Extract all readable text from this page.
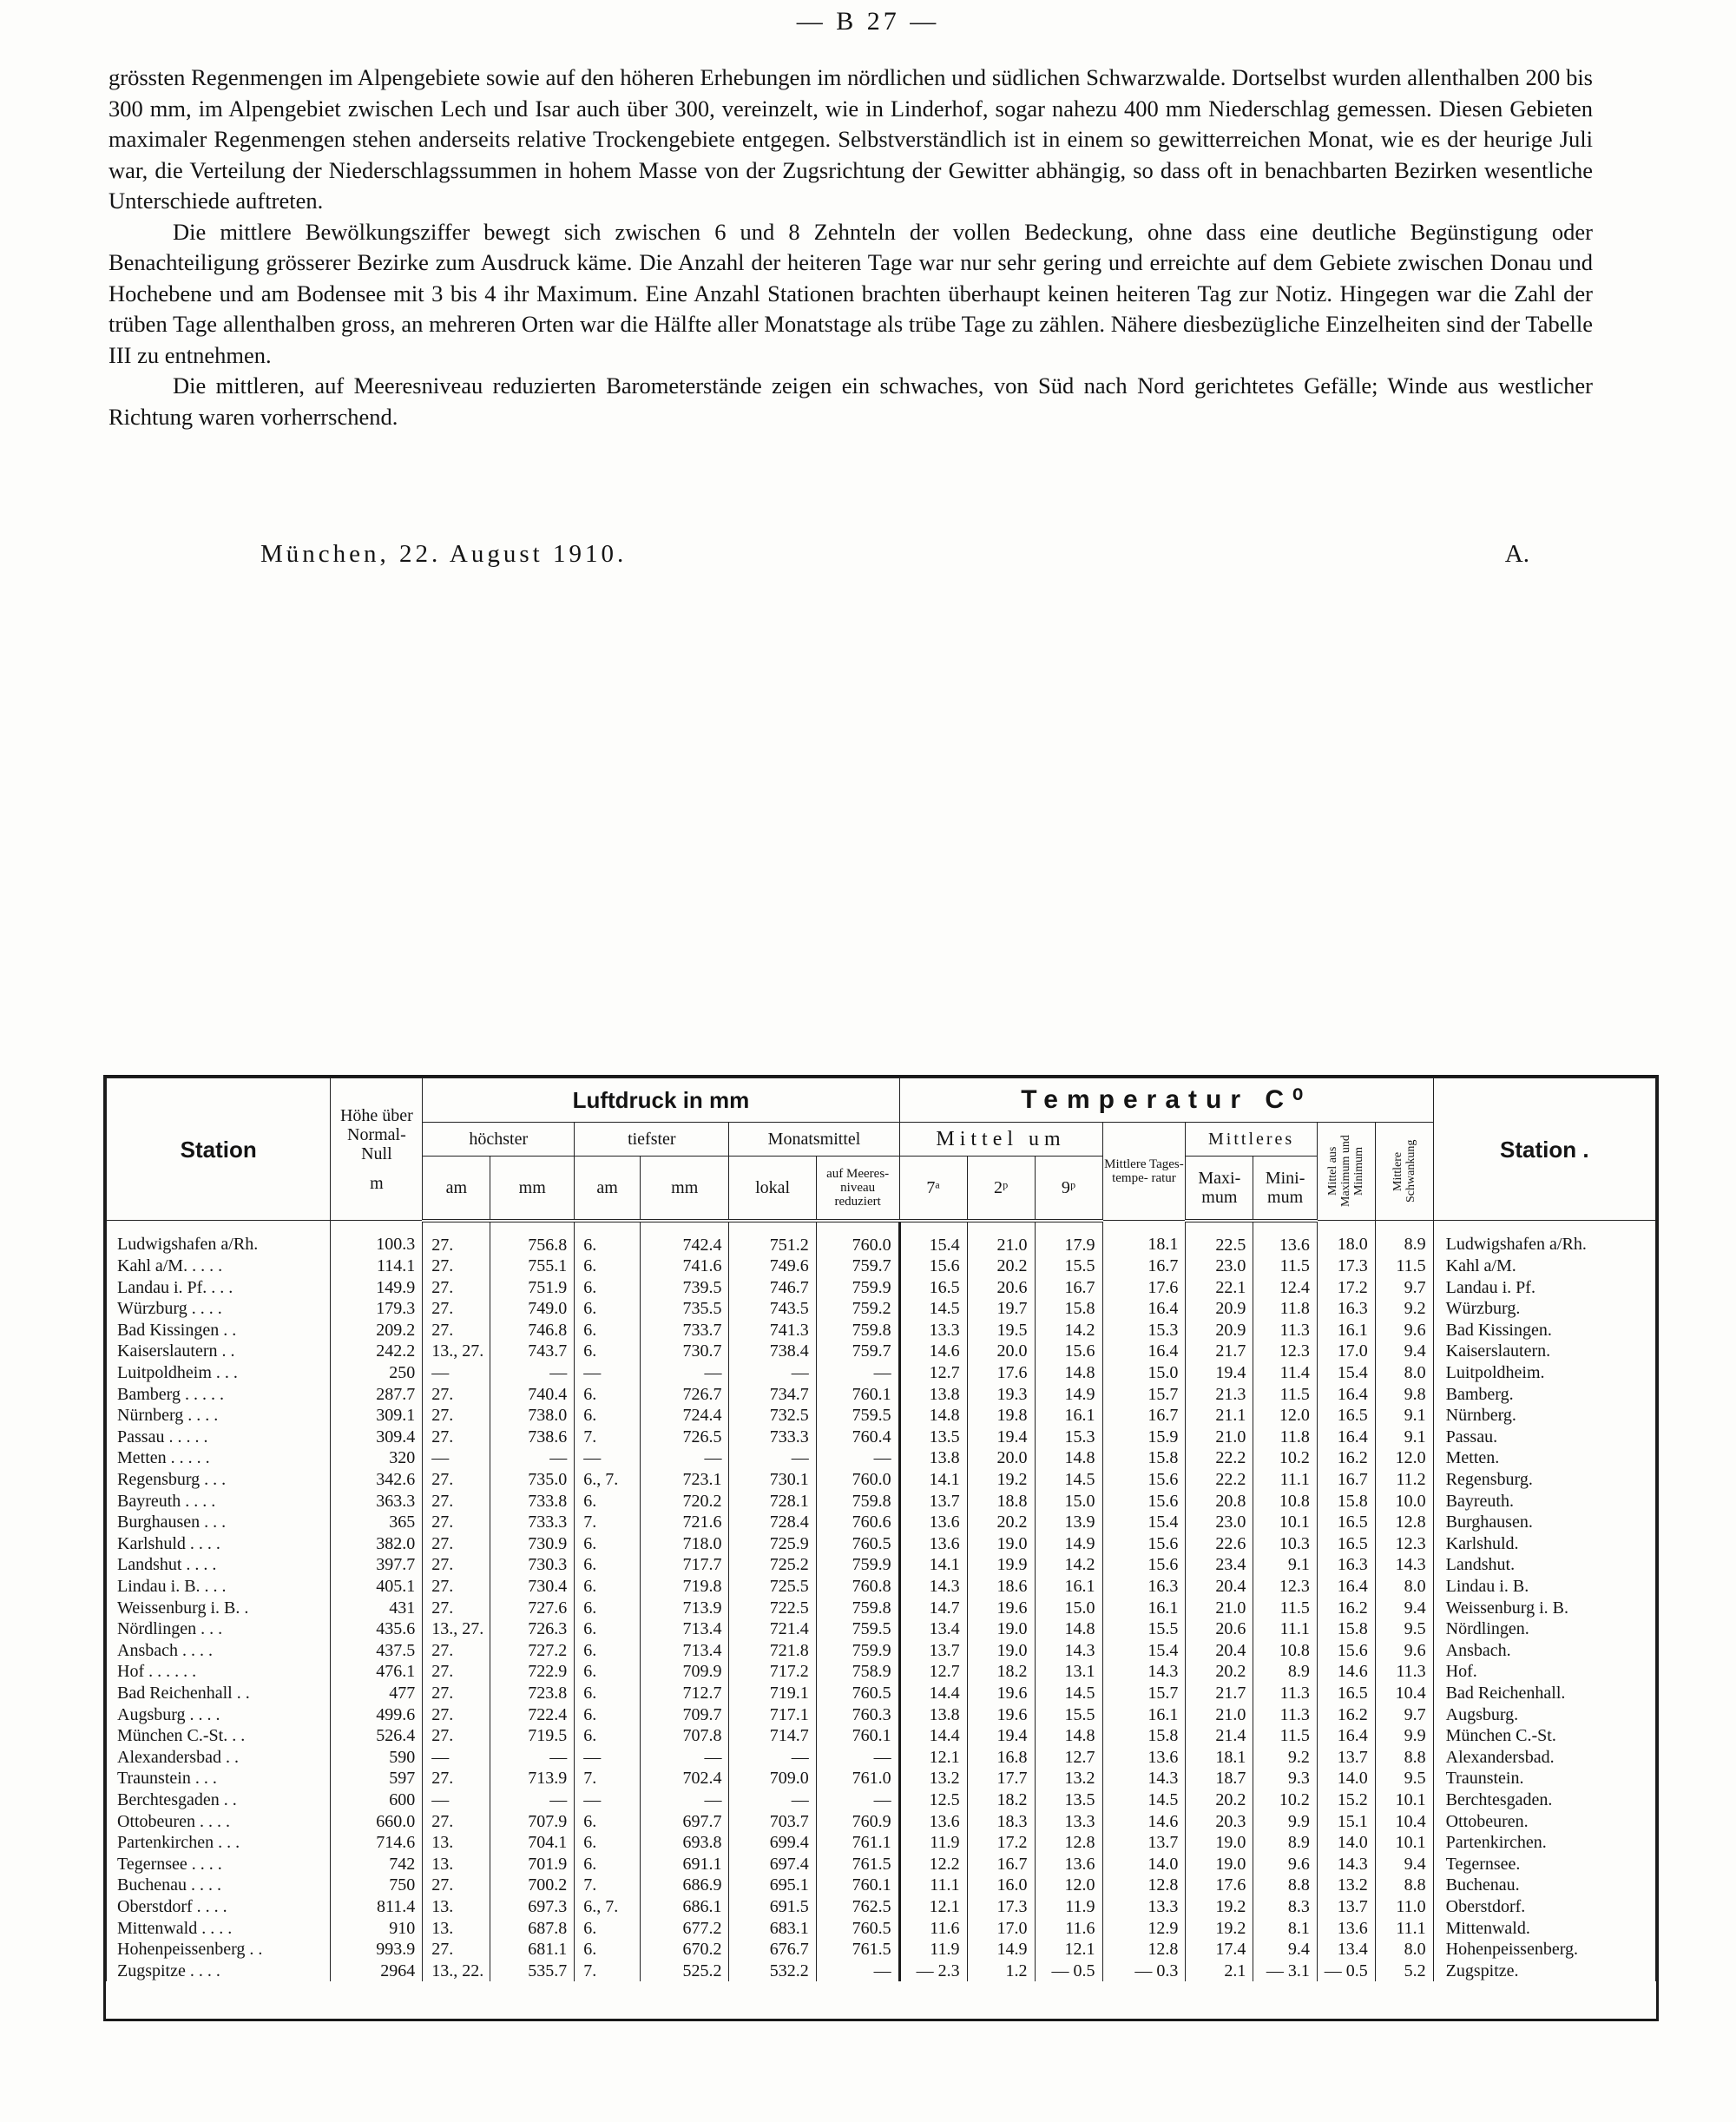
— B 27 —

grössten Regenmengen im Alpengebiete sowie auf den höheren Erhebungen im nördlichen und südlichen Schwarzwalde. Dortselbst wurden allenthalben 200 bis 300 mm, im Alpengebiet zwischen Lech und Isar auch über 300, vereinzelt, wie in Linderhof, sogar nahezu 400 mm Niederschlag gemessen. Diesen Gebieten maximaler Regenmengen stehen anderseits relative Trockengebiete entgegen. Selbstverständlich ist in einem so gewitterreichen Monat, wie es der heurige Juli war, die Verteilung der Niederschlagssummen in hohem Masse von der Zugsrichtung der Gewitter abhängig, so dass oft in benachbarten Bezirken wesentliche Unterschiede auftreten.

Die mittlere Bewölkungsziffer bewegt sich zwischen 6 und 8 Zehnteln der vollen Bedeckung, ohne dass eine deutliche Begünstigung oder Benachteiligung grösserer Bezirke zum Ausdruck käme. Die Anzahl der heiteren Tage war nur sehr gering und erreichte auf dem Gebiete zwischen Donau und Hochebene und am Bodensee mit 3 bis 4 ihr Maximum. Eine Anzahl Stationen brachten überhaupt keinen heiteren Tag zur Notiz. Hingegen war die Zahl der trüben Tage allenthalben gross, an mehreren Orten war die Hälfte aller Monatstage als trübe Tage zu zählen. Nähere diesbezügliche Einzelheiten sind der Tabelle III zu entnehmen.

Die mittleren, auf Meeresniveau reduzierten Barometerstände zeigen ein schwaches, von Süd nach Nord gerichtetes Gefälle; Winde aus westlicher Richtung waren vorherrschend.

München, 22. August 1910.	A.
Station	Höhe über Normal-Null
m	Luftdruck in mm						Temperatur C⁰								Station .
		höchster		tiefster		Monatsmittel		Mittel um			Mittlere Tages- tempe- ratur	Mittleres		Mittel aus Maximum und Minimum	Mittlere Schwankung	

		am	mm	am	mm	lokal	auf Meeres- niveau reduziert	7ᵃ	2ᵖ	9ᵖ		Maxi- mum	Mini- mum			
Ludwigshafen a/Rh.	100.3	27.	756.8	6.	742.4	751.2	760.0	15.4	21.0	17.9	18.1	22.5	13.6	18.0	8.9	Ludwigshafen a/Rh.
Kahl a/M. . . . .	114.1	27.	755.1	6.	741.6	749.6	759.7	15.6	20.2	15.5	16.7	23.0	11.5	17.3	11.5	Kahl a/M.
Landau i. Pf. . . .	149.9	27.	751.9	6.	739.5	746.7	759.9	16.5	20.6	16.7	17.6	22.1	12.4	17.2	9.7	Landau i. Pf.
Würzburg . . . .	179.3	27.	749.0	6.	735.5	743.5	759.2	14.5	19.7	15.8	16.4	20.9	11.8	16.3	9.2	Würzburg.
Bad Kissingen . .	209.2	27.	746.8	6.	733.7	741.3	759.8	13.3	19.5	14.2	15.3	20.9	11.3	16.1	9.6	Bad Kissingen.
Kaiserslautern . .	242.2	13., 27.	743.7	6.	730.7	738.4	759.7	14.6	20.0	15.6	16.4	21.7	12.3	17.0	9.4	Kaiserslautern.
Luitpoldheim . . .	250	—	—	—	—	—	—	12.7	17.6	14.8	15.0	19.4	11.4	15.4	8.0	Luitpoldheim.
Bamberg . . . . .	287.7	27.	740.4	6.	726.7	734.7	760.1	13.8	19.3	14.9	15.7	21.3	11.5	16.4	9.8	Bamberg.
Nürnberg . . . .	309.1	27.	738.0	6.	724.4	732.5	759.5	14.8	19.8	16.1	16.7	21.1	12.0	16.5	9.1	Nürnberg.
Passau . . . . .	309.4	27.	738.6	7.	726.5	733.3	760.4	13.5	19.4	15.3	15.9	21.0	11.8	16.4	9.1	Passau.
Metten . . . . .	320	—	—	—	—	—	—	13.8	20.0	14.8	15.8	22.2	10.2	16.2	12.0	Metten.
Regensburg . . .	342.6	27.	735.0	6., 7.	723.1	730.1	760.0	14.1	19.2	14.5	15.6	22.2	11.1	16.7	11.2	Regensburg.
Bayreuth . . . .	363.3	27.	733.8	6.	720.2	728.1	759.8	13.7	18.8	15.0	15.6	20.8	10.8	15.8	10.0	Bayreuth.
Burghausen . . .	365	27.	733.3	7.	721.6	728.4	760.6	13.6	20.2	13.9	15.4	23.0	10.1	16.5	12.8	Burghausen.
Karlshuld . . . .	382.0	27.	730.9	6.	718.0	725.9	760.5	13.6	19.0	14.9	15.6	22.6	10.3	16.5	12.3	Karlshuld.
Landshut . . . .	397.7	27.	730.3	6.	717.7	725.2	759.9	14.1	19.9	14.2	15.6	23.4	9.1	16.3	14.3	Landshut.
Lindau i. B. . . .	405.1	27.	730.4	6.	719.8	725.5	760.8	14.3	18.6	16.1	16.3	20.4	12.3	16.4	8.0	Lindau i. B.
Weissenburg i. B. .	431	27.	727.6	6.	713.9	722.5	759.8	14.7	19.6	15.0	16.1	21.0	11.5	16.2	9.4	Weissenburg i. B.
Nördlingen . . .	435.6	13., 27.	726.3	6.	713.4	721.4	759.5	13.4	19.0	14.8	15.5	20.6	11.1	15.8	9.5	Nördlingen.
Ansbach . . . .	437.5	27.	727.2	6.	713.4	721.8	759.9	13.7	19.0	14.3	15.4	20.4	10.8	15.6	9.6	Ansbach.
Hof . . . . . .	476.1	27.	722.9	6.	709.9	717.2	758.9	12.7	18.2	13.1	14.3	20.2	8.9	14.6	11.3	Hof.
Bad Reichenhall . .	477	27.	723.8	6.	712.7	719.1	760.5	14.4	19.6	14.5	15.7	21.7	11.3	16.5	10.4	Bad Reichenhall.
Augsburg . . . .	499.6	27.	722.4	6.	709.7	717.1	760.3	13.8	19.6	15.5	16.1	21.0	11.3	16.2	9.7	Augsburg.
München C.-St. . .	526.4	27.	719.5	6.	707.8	714.7	760.1	14.4	19.4	14.8	15.8	21.4	11.5	16.4	9.9	München C.-St.
Alexandersbad . .	590	—	—	—	—	—	—	12.1	16.8	12.7	13.6	18.1	9.2	13.7	8.8	Alexandersbad.
Traunstein . . .	597	27.	713.9	7.	702.4	709.0	761.0	13.2	17.7	13.2	14.3	18.7	9.3	14.0	9.5	Traunstein.
Berchtesgaden . .	600	—	—	—	—	—	—	12.5	18.2	13.5	14.5	20.2	10.2	15.2	10.1	Berchtesgaden.
Ottobeuren . . . .	660.0	27.	707.9	6.	697.7	703.7	760.9	13.6	18.3	13.3	14.6	20.3	9.9	15.1	10.4	Ottobeuren.
Partenkirchen . . .	714.6	13.	704.1	6.	693.8	699.4	761.1	11.9	17.2	12.8	13.7	19.0	8.9	14.0	10.1	Partenkirchen.
Tegernsee . . . .	742	13.	701.9	6.	691.1	697.4	761.5	12.2	16.7	13.6	14.0	19.0	9.6	14.3	9.4	Tegernsee.
Buchenau . . . .	750	27.	700.2	7.	686.9	695.1	760.1	11.1	16.0	12.0	12.8	17.6	8.8	13.2	8.8	Buchenau.
Oberstdorf . . . .	811.4	13.	697.3	6., 7.	686.1	691.5	762.5	12.1	17.3	11.9	13.3	19.2	8.3	13.7	11.0	Oberstdorf.
Mittenwald . . . .	910	13.	687.8	6.	677.2	683.1	760.5	11.6	17.0	11.6	12.9	19.2	8.1	13.6	11.1	Mittenwald.
Hohenpeissenberg . .	993.9	27.	681.1	6.	670.2	676.7	761.5	11.9	14.9	12.1	12.8	17.4	9.4	13.4	8.0	Hohenpeissenberg.
Zugspitze . . . .	2964	13., 22.	535.7	7.	525.2	532.2	—	— 2.3	1.2	— 0.5	— 0.3	2.1	— 3.1	— 0.5	5.2	Zugspitze.
